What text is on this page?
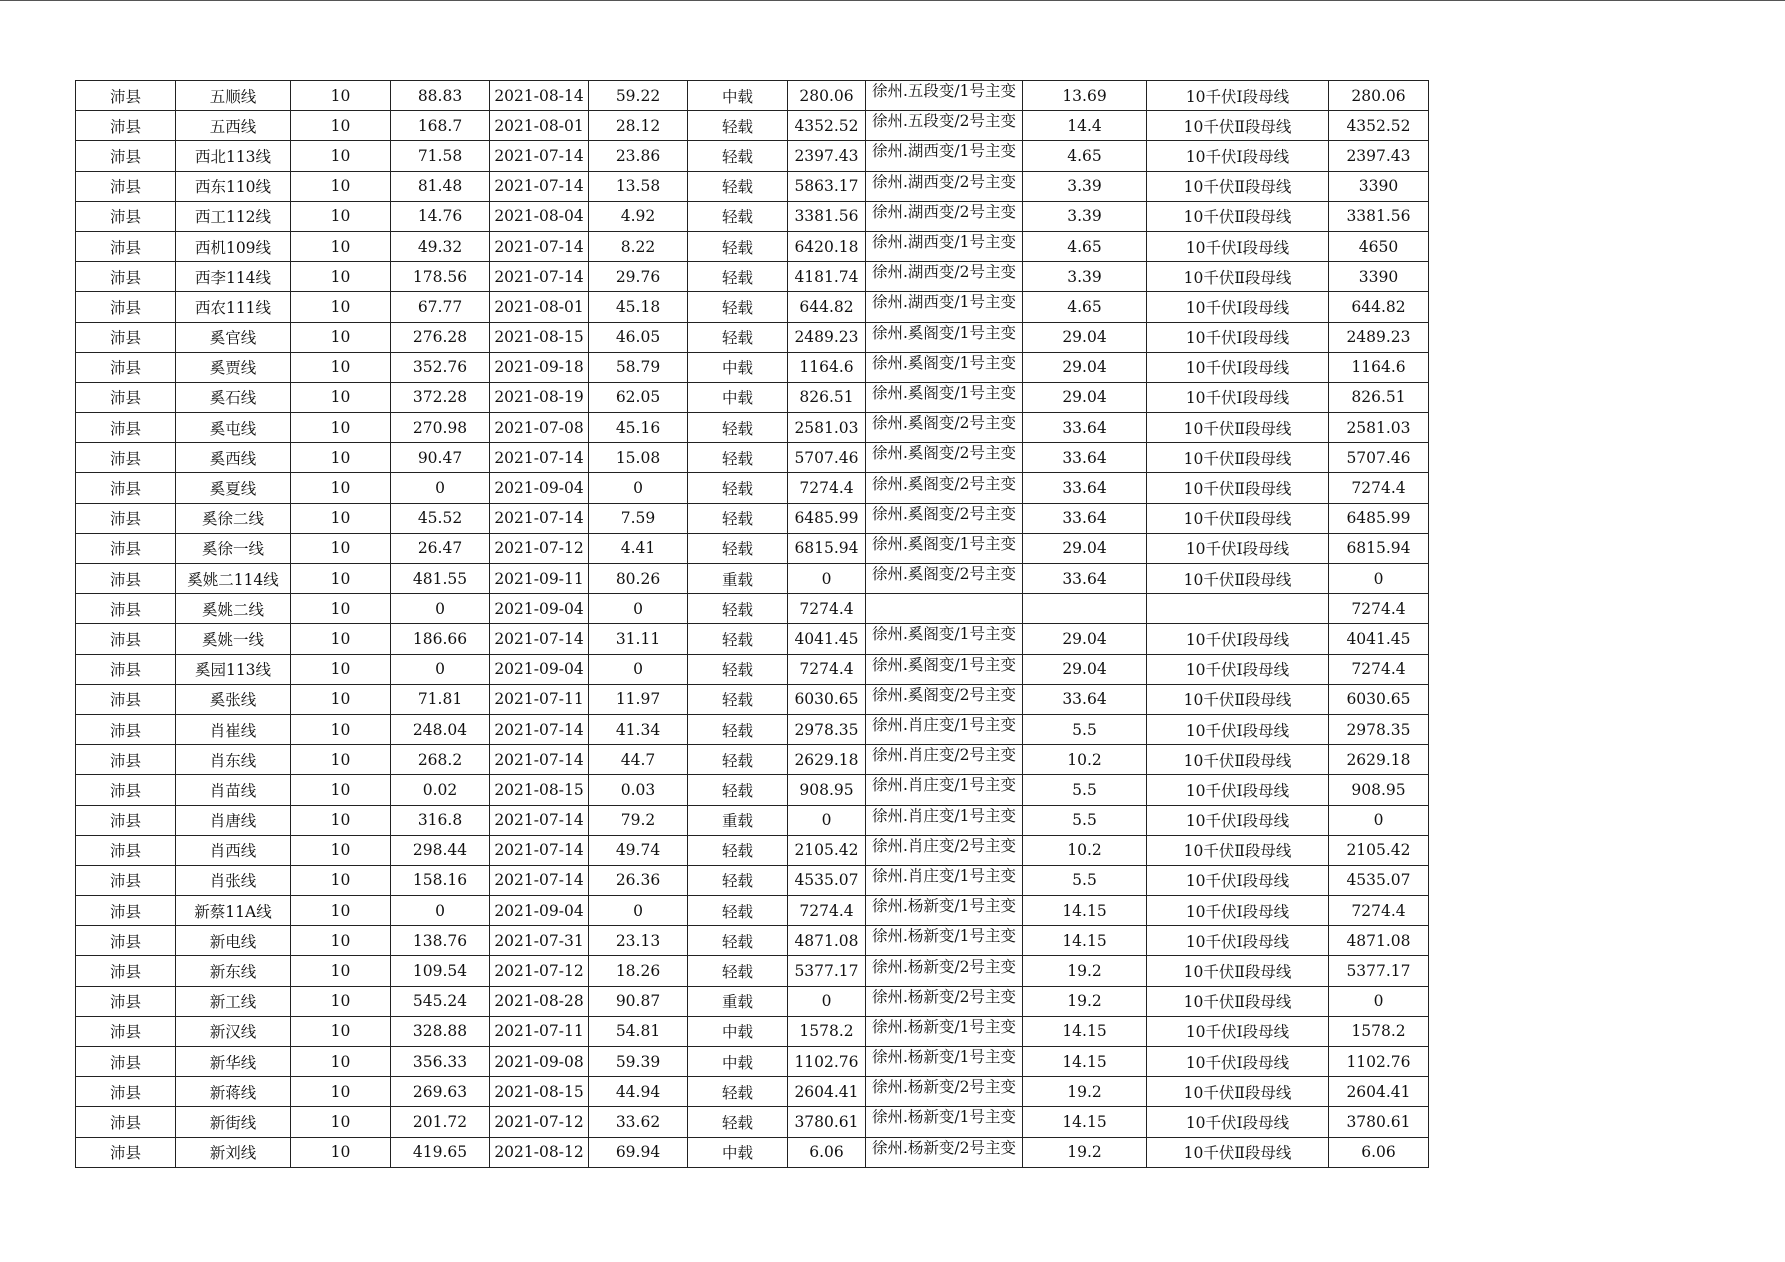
沛县	五顺线	10	88.83	2021-08-14	59.22	中载	280.06	徐州.五段变/1号主变	13.69	10千伏Ⅰ段母线	280.06
沛县	五西线	10	168.7	2021-08-01	28.12	轻载	4352.52	徐州.五段变/2号主变	14.4	10千伏Ⅱ段母线	4352.52
沛县	西北113线	10	71.58	2021-07-14	23.86	轻载	2397.43	徐州.湖西变/1号主变	4.65	10千伏Ⅰ段母线	2397.43
沛县	西东110线	10	81.48	2021-07-14	13.58	轻载	5863.17	徐州.湖西变/2号主变	3.39	10千伏Ⅱ段母线	3390
沛县	西工112线	10	14.76	2021-08-04	4.92	轻载	3381.56	徐州.湖西变/2号主变	3.39	10千伏Ⅱ段母线	3381.56
沛县	西机109线	10	49.32	2021-07-14	8.22	轻载	6420.18	徐州.湖西变/1号主变	4.65	10千伏Ⅰ段母线	4650
沛县	西李114线	10	178.56	2021-07-14	29.76	轻载	4181.74	徐州.湖西变/2号主变	3.39	10千伏Ⅱ段母线	3390
沛县	西农111线	10	67.77	2021-08-01	45.18	轻载	644.82	徐州.湖西变/1号主变	4.65	10千伏Ⅰ段母线	644.82
沛县	奚官线	10	276.28	2021-08-15	46.05	轻载	2489.23	徐州.奚阁变/1号主变	29.04	10千伏Ⅰ段母线	2489.23
沛县	奚贾线	10	352.76	2021-09-18	58.79	中载	1164.6	徐州.奚阁变/1号主变	29.04	10千伏Ⅰ段母线	1164.6
沛县	奚石线	10	372.28	2021-08-19	62.05	中载	826.51	徐州.奚阁变/1号主变	29.04	10千伏Ⅰ段母线	826.51
沛县	奚屯线	10	270.98	2021-07-08	45.16	轻载	2581.03	徐州.奚阁变/2号主变	33.64	10千伏Ⅱ段母线	2581.03
沛县	奚西线	10	90.47	2021-07-14	15.08	轻载	5707.46	徐州.奚阁变/2号主变	33.64	10千伏Ⅱ段母线	5707.46
沛县	奚夏线	10	0	2021-09-04	0	轻载	7274.4	徐州.奚阁变/2号主变	33.64	10千伏Ⅱ段母线	7274.4
沛县	奚徐二线	10	45.52	2021-07-14	7.59	轻载	6485.99	徐州.奚阁变/2号主变	33.64	10千伏Ⅱ段母线	6485.99
沛县	奚徐一线	10	26.47	2021-07-12	4.41	轻载	6815.94	徐州.奚阁变/1号主变	29.04	10千伏Ⅰ段母线	6815.94
沛县	奚姚二114线	10	481.55	2021-09-11	80.26	重载	0	徐州.奚阁变/2号主变	33.64	10千伏Ⅱ段母线	0
沛县	奚姚二线	10	0	2021-09-04	0	轻载	7274.4				7274.4
沛县	奚姚一线	10	186.66	2021-07-14	31.11	轻载	4041.45	徐州.奚阁变/1号主变	29.04	10千伏Ⅰ段母线	4041.45
沛县	奚园113线	10	0	2021-09-04	0	轻载	7274.4	徐州.奚阁变/1号主变	29.04	10千伏Ⅰ段母线	7274.4
沛县	奚张线	10	71.81	2021-07-11	11.97	轻载	6030.65	徐州.奚阁变/2号主变	33.64	10千伏Ⅱ段母线	6030.65
沛县	肖崔线	10	248.04	2021-07-14	41.34	轻载	2978.35	徐州.肖庄变/1号主变	5.5	10千伏Ⅰ段母线	2978.35
沛县	肖东线	10	268.2	2021-07-14	44.7	轻载	2629.18	徐州.肖庄变/2号主变	10.2	10千伏Ⅱ段母线	2629.18
沛县	肖苗线	10	0.02	2021-08-15	0.03	轻载	908.95	徐州.肖庄变/1号主变	5.5	10千伏Ⅰ段母线	908.95
沛县	肖唐线	10	316.8	2021-07-14	79.2	重载	0	徐州.肖庄变/1号主变	5.5	10千伏Ⅰ段母线	0
沛县	肖西线	10	298.44	2021-07-14	49.74	轻载	2105.42	徐州.肖庄变/2号主变	10.2	10千伏Ⅱ段母线	2105.42
沛县	肖张线	10	158.16	2021-07-14	26.36	轻载	4535.07	徐州.肖庄变/1号主变	5.5	10千伏Ⅰ段母线	4535.07
沛县	新蔡11A线	10	0	2021-09-04	0	轻载	7274.4	徐州.杨新变/1号主变	14.15	10千伏Ⅰ段母线	7274.4
沛县	新电线	10	138.76	2021-07-31	23.13	轻载	4871.08	徐州.杨新变/1号主变	14.15	10千伏Ⅰ段母线	4871.08
沛县	新东线	10	109.54	2021-07-12	18.26	轻载	5377.17	徐州.杨新变/2号主变	19.2	10千伏Ⅱ段母线	5377.17
沛县	新工线	10	545.24	2021-08-28	90.87	重载	0	徐州.杨新变/2号主变	19.2	10千伏Ⅱ段母线	0
沛县	新汉线	10	328.88	2021-07-11	54.81	中载	1578.2	徐州.杨新变/1号主变	14.15	10千伏Ⅰ段母线	1578.2
沛县	新华线	10	356.33	2021-09-08	59.39	中载	1102.76	徐州.杨新变/1号主变	14.15	10千伏Ⅰ段母线	1102.76
沛县	新蒋线	10	269.63	2021-08-15	44.94	轻载	2604.41	徐州.杨新变/2号主变	19.2	10千伏Ⅱ段母线	2604.41
沛县	新街线	10	201.72	2021-07-12	33.62	轻载	3780.61	徐州.杨新变/1号主变	14.15	10千伏Ⅰ段母线	3780.61
沛县	新刘线	10	419.65	2021-08-12	69.94	中载	6.06	徐州.杨新变/2号主变	19.2	10千伏Ⅱ段母线	6.06
